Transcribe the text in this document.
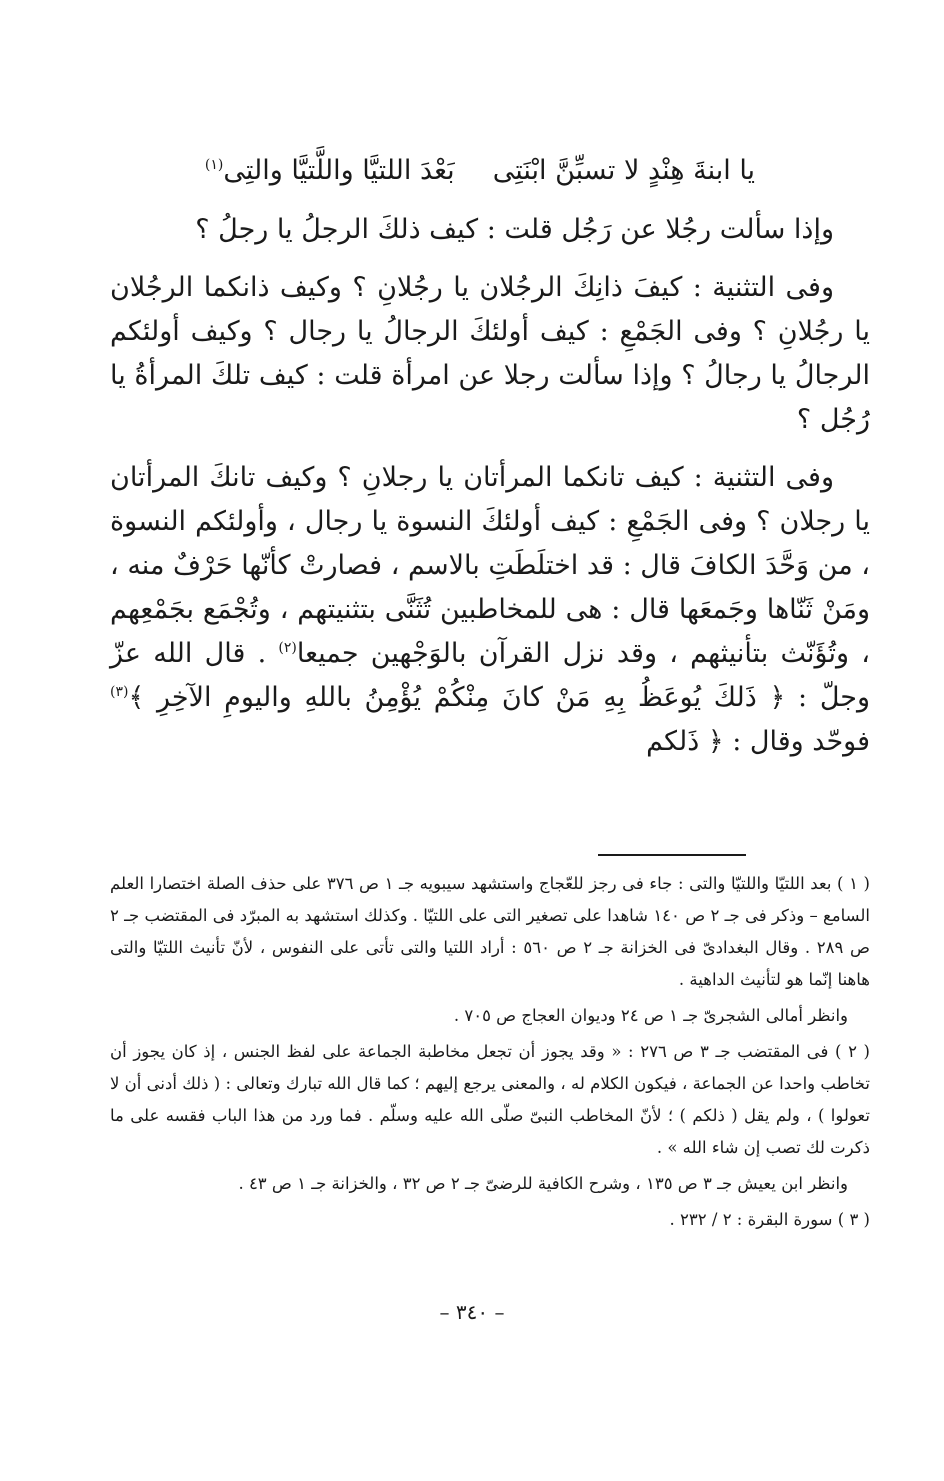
يا ابنةَ هِنْدٍ لا تسبِّنَّ ابْنَتِىبَعْدَ اللتيَّا واللَّتيَّا والتِى$^{(١)}$

وإذا سألت رجُلا عن رَجُل قلت : كيف ذلكَ الرجلُ يا رجلُ ؟

وفى التثنية : كيفَ ذانِكَ الرجُلان يا رجُلانِ ؟ وكيف ذانكما الرجُلان يا رجُلانِ ؟ وفى الجَمْعِ : كيف أولئكَ الرجالُ يا رجال ؟ وكيف أولئكم الرجالُ يا رجالُ ؟ وإذا سألت رجلا عن امرأة قلت : كيف تلكَ المرأةُ يا رُجُل ؟

وفى التثنية : كيف تانكما المرأتان يا رجلانِ ؟ وكيف تانكَ المرأتان يا رجلان ؟ وفى الجَمْعِ : كيف أولئكَ النسوة يا رجال ، وأولئكم النسوة ، من وَحَّدَ الكافَ قال : قد اختلَطَتِ بالاسم ، فصارتْ كأنّها حَرْفٌ منه ، ومَنْ ثَنّاها وجَمعَها قال : هى للمخاطبين تُثَنَّى بتثنيتهم ، وتُجْمَع بجَمْعِهم ، وتُؤَنّث بتأنيثهم ، وقد نزل القرآن بالوَجْهين جميعا$^{(٢)}$ . قال الله عزّ وجلّ : ﴿ ذَلكَ يُوعَظُ بِهِ مَنْ كانَ مِنْكُمْ يُؤْمِنُ باللهِ واليومِ الآخِرِ ﴾$^{(٣)}$ فوحّد وقال : ﴿ ذَلكم

( ١ ) بعد اللتيّا واللتيّا والتى : جاء فى رجز للعّجاج واستشهد سيبويه جـ ١ ص ٣٧٦ على حذف الصلة اختصارا العلم السامع – وذكر فى جـ ٢ ص ١٤٠ شاهدا على تصغير التى على اللتيّا . وكذلك استشهد به المبرّد فى المقتضب جـ ٢ ص ٢٨٩ . وقال البغدادىّ فى الخزانة جـ ٢ ص ٥٦٠ : أراد اللتيا والتى تأتى على النفوس ، لأنّ تأنيث اللتيّا والتى هاهنا إنّما هو لتأنيث الداهية .

وانظر أمالى الشجرىّ جـ ١ ص ٢٤ وديوان العجاج ص ٧٠٥ .

( ٢ ) فى المقتضب جـ ٣ ص ٢٧٦ : « وقد يجوز أن تجعل مخاطبة الجماعة على لفظ الجنس ، إذ كان يجوز أن تخاطب واحدا عن الجماعة ، فيكون الكلام له ، والمعنى يرجع إليهم ؛ كما قال الله تبارك وتعالى : ( ذلك أدنى أن لا تعولوا ) ، ولم يقل ( ذلكم ) ؛ لأنّ المخاطب النبىّ صلّى الله عليه وسلّم . فما ورد من هذا الباب فقسه على ما ذكرت لك تصب إن شاء الله » .

وانظر ابن يعيش جـ ٣ ص ١٣٥ ، وشرح الكافية للرضىّ جـ ٢ ص ٣٢ ، والخزانة جـ ١ ص ٤٣ .

( ٣ ) سورة البقرة : ٢ / ٢٣٢ .

– ٣٤٠ –
